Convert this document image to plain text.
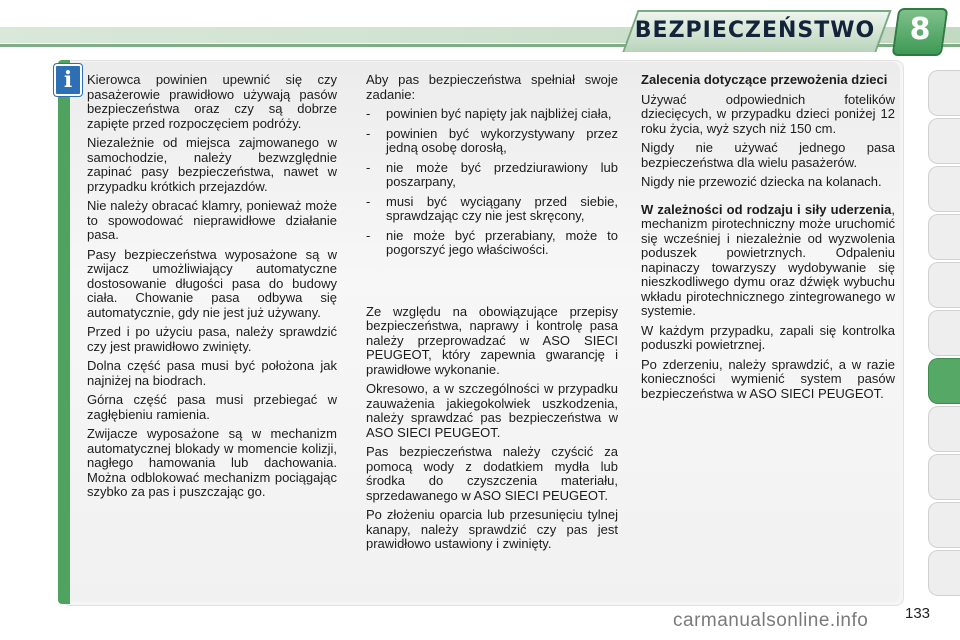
BEZPIECZEŃSTWO	8
i	Kierowca powinien upewnić się czy pasażerowie prawidłowo używają pasów bezpieczeństwa oraz czy są dobrze zapięte przed rozpoczęciem podróży.

Niezależnie od miejsca zajmowanego w samochodzie, należy bezwzględnie zapinać pasy bezpieczeństwa, nawet w przypadku krótkich przejazdów.

Nie należy obracać klamry, ponieważ może to spowodować nieprawidłowe działanie pasa.

Pasy bezpieczeństwa wyposażone są w zwijacz umożliwiający automatyczne dostosowanie długości pasa do budowy ciała. Chowanie pasa odbywa się automatycznie, gdy nie jest już używany.

Przed i po użyciu pasa, należy sprawdzić czy jest prawidłowo zwinięty.

Dolna część pasa musi być położona jak najniżej na biodrach.

Górna część pasa musi przebiegać w zagłębieniu ramienia.

Zwijacze wyposażone są w mechanizm automatycznej blokady w momencie kolizji, nagłego hamowania lub dachowania. Można odblokować mechanizm pociągając szybko za pas i puszczając go.

Aby pas bezpieczeństwa spełniał swoje zadanie:

- powinien być napięty jak najbliżej ciała,
- powinien być wykorzystywany przez jedną osobę dorosłą,
- nie może być przedziurawiony lub poszarpany,
- musi być wyciągany przed siebie, sprawdzając czy nie jest skręcony,
- nie może być przerabiany, może to pogorszyć jego właściwości.

Ze względu na obowiązujące przepisy bezpieczeństwa, naprawy i kontrolę pasa należy przeprowadzać w ASO SIECI PEUGEOT, który zapewnia gwarancję i prawidłowe wykonanie.

Okresowo, a w szczególności w przypadku zauważenia jakiegokolwiek uszkodzenia, należy sprawdzać pas bezpieczeństwa w ASO SIECI PEUGEOT.

Pas bezpieczeństwa należy czyścić za pomocą wody z dodatkiem mydła lub środka do czyszczenia materiału, sprzedawanego w ASO SIECI PEUGEOT.

Po złożeniu oparcia lub przesunięciu tylnej kanapy, należy sprawdzić czy pas jest prawidłowo ustawiony i zwinięty.

Zalecenia dotyczące przewożenia dzieci

Używać odpowiednich fotelików dziecięcych, w przypadku dzieci poniżej 12 roku życia, wyż szych niż 150 cm.

Nigdy nie używać jednego pasa bezpieczeństwa dla wielu pasażerów.

Nigdy nie przewozić dziecka na kolanach.

W zależności od rodzaju i siły uderzenia, mechanizm pirotechniczny może uruchomić się wcześniej i niezależnie od wyzwolenia poduszek powietrznych. Odpaleniu napinaczy towarzyszy wydobywanie się nieszkodliwego dymu oraz dźwięk wybuchu wkładu pirotechnicznego zintegrowanego w systemie.

W każdym przypadku, zapali się kontrolka poduszki powietrznej.

Po zderzeniu, należy sprawdzić, a w razie konieczności wymienić system pasów bezpieczeństwa w ASO SIECI PEUGEOT.

133
carmanualsonline.info
